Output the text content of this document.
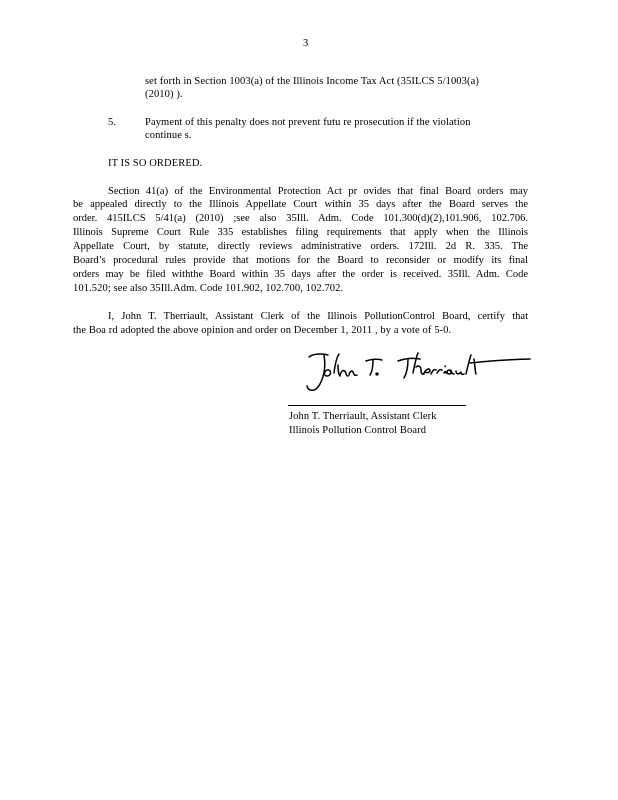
3
set forth in Section 1003(a) of the Illinois Income Tax Act (35ILCS 5/1003(a)
(2010) ).
5.	Payment of this penalty does not prevent futu re prosecution if the violation
continue s.
IT IS SO ORDERED.
Section 41(a) of the Environmental Protection Act pr ovides that final Board orders may
be appealed directly to the Illinois Appellate Court within 35 days after the Board serves the
order. 415ILCS 5/41(a) (2010) ;see also 35Ill. Adm. Code 101.300(d)(2),101.906, 102.706.
Illinois Supreme Court Rule 335 establishes filing requirements that apply when the Illinois
Appellate Court, by statute, directly reviews administrative orders. 172Ill. 2d R. 335. The
Board’s procedural rules provide that motions for the Board to reconsider or modify its final
orders may be filed withthe Board within 35 days after the order is received. 35Ill. Adm. Code
101.520; see also 35Ill.Adm. Code 101.902, 102.700, 102.702.
I, John T. Therriault, Assistant Clerk of the Illinois PollutionControl Board, certify that
the Boa rd adopted the above opinion and order on December 1, 2011 , by a vote of 5-0.
John T. Therriault, Assistant Clerk
Illinois Pollution Control Board
